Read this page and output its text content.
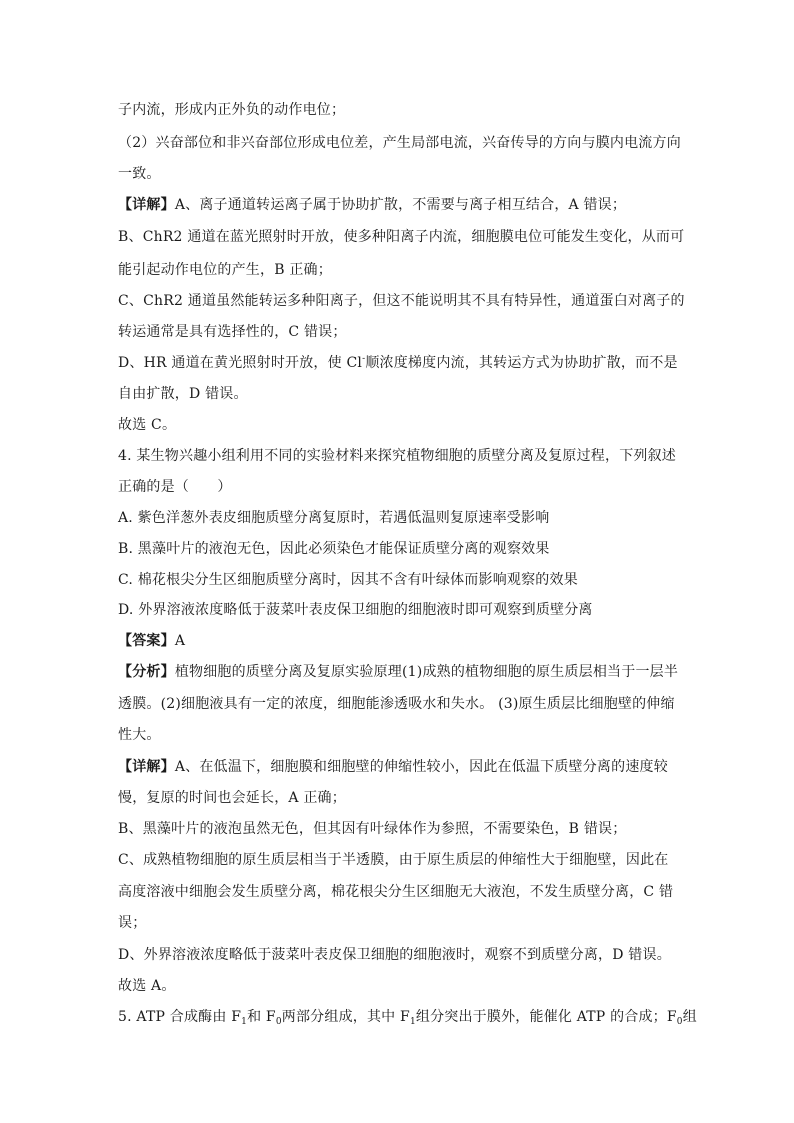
子内流，形成内正外负的动作电位；
（2）兴奋部位和非兴奋部位形成电位差，产生局部电流，兴奋传导的方向与膜内电流方向
一致。
【详解】A、离子通道转运离子属于协助扩散，不需要与离子相互结合，A 错误；
B、ChR2 通道在蓝光照射时开放，使多种阳离子内流，细胞膜电位可能发生变化，从而可
能引起动作电位的产生，B 正确；
C、ChR2 通道虽然能转运多种阳离子，但这不能说明其不具有特异性，通道蛋白对离子的
转运通常是具有选择性的，C 错误；
D、HR 通道在黄光照射时开放，使 Cl-顺浓度梯度内流，其转运方式为协助扩散，而不是
自由扩散，D 错误。
故选 C。
4. 某生物兴趣小组利用不同的实验材料来探究植物细胞的质壁分离及复原过程，下列叙述
正确的是（　　）
A. 紫色洋葱外表皮细胞质壁分离复原时，若遇低温则复原速率受影响
B. 黑藻叶片的液泡无色，因此必须染色才能保证质壁分离的观察效果
C. 棉花根尖分生区细胞质壁分离时，因其不含有叶绿体而影响观察的效果
D. 外界溶液浓度略低于菠菜叶表皮保卫细胞的细胞液时即可观察到质壁分离
【答案】A
【分析】植物细胞的质壁分离及复原实验原理(1)成熟的植物细胞的原生质层相当于一层半
透膜。(2)细胞液具有一定的浓度，细胞能渗透吸水和失水。 (3)原生质层比细胞壁的伸缩
性大。
【详解】A、在低温下，细胞膜和细胞壁的伸缩性较小，因此在低温下质壁分离的速度较
慢，复原的时间也会延长，A 正确；
B、黑藻叶片的液泡虽然无色，但其因有叶绿体作为参照，不需要染色，B 错误；
C、成熟植物细胞的原生质层相当于半透膜，由于原生质层的伸缩性大于细胞壁，因此在
高度溶液中细胞会发生质壁分离，棉花根尖分生区细胞无大液泡，不发生质壁分离，C 错
误；
D、外界溶液浓度略低于菠菜叶表皮保卫细胞的细胞液时，观察不到质壁分离，D 错误。
故选 A。
5. ATP 合成酶由 $F_1$和 $F_0$两部分组成，其中 $F_1$组分突出于膜外，能催化 ATP 的合成；$F_0$组
